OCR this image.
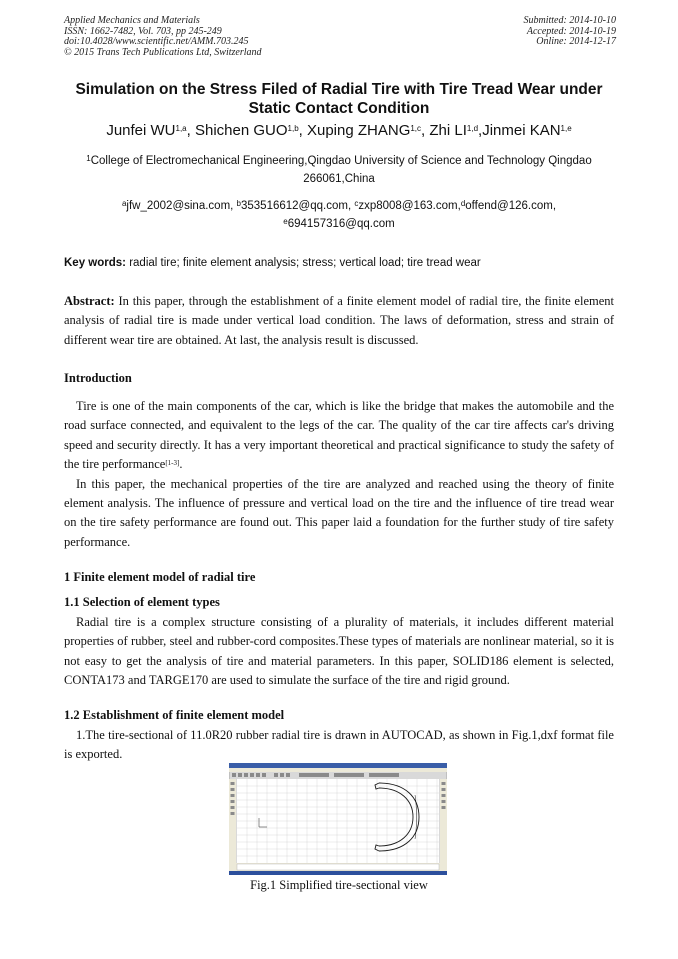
Applied Mechanics and Materials
ISSN: 1662-7482, Vol. 703, pp 245-249
doi:10.4028/www.scientific.net/AMM.703.245
© 2015 Trans Tech Publications Ltd, Switzerland
Submitted: 2014-10-10
Accepted: 2014-10-19
Online: 2014-12-17
Simulation on the Stress Filed of Radial Tire with Tire Tread Wear under Static Contact Condition
Junfei WU$^{1,a}$, Shichen GUO$^{1,b}$, Xuping ZHANG$^{1,c}$, Zhi LI$^{1,d}$,Jinmei KAN$^{1,e}$
$^1$College of Electromechanical Engineering,Qingdao University of Science and Technology Qingdao 266061,China
$^a$jfw_2002@sina.com, $^b$353516612@qq.com, $^c$zxp8008@163.com,$^d$offend@126.com,
$^e$694157316@qq.com
Key words: radial tire; finite element analysis; stress; vertical load; tire tread wear

Abstract: In this paper, through the establishment of a finite element model of radial tire, the finite element analysis of radial tire is made under vertical load condition. The laws of deformation, stress and strain of different wear tire are obtained. At last, the analysis result is discussed.

Introduction

Tire is one of the main components of the car, which is like the bridge that makes the automobile and the road surface connected, and equivalent to the legs of the car. The quality of the car tire affects car's driving speed and security directly. It has a very important theoretical and practical significance to study the safety of the tire performance[1-3].

In this paper, the mechanical properties of the tire are analyzed and reached using the theory of finite element analysis. The influence of pressure and vertical load on the tire and the influence of tire tread wear on the tire safety performance are found out. This paper laid a foundation for the further study of tire safety performance.

1 Finite element model of radial tire
1.1 Selection of element types

Radial tire is a complex structure consisting of a plurality of materials, it includes different material properties of rubber, steel and rubber-cord composites.These types of materials are nonlinear material, so it is not easy to get the analysis of tire and material parameters. In this paper, SOLID186 element is selected, CONTA173 and TARGE170 are used to simulate the surface of the tire and rigid ground.

1.2 Establishment of finite element model

1.The tire-sectional of 11.0R20 rubber radial tire is drawn in AUTOCAD, as shown in Fig.1,dxf format file is exported.

Fig.1 Simplified tire-sectional view
